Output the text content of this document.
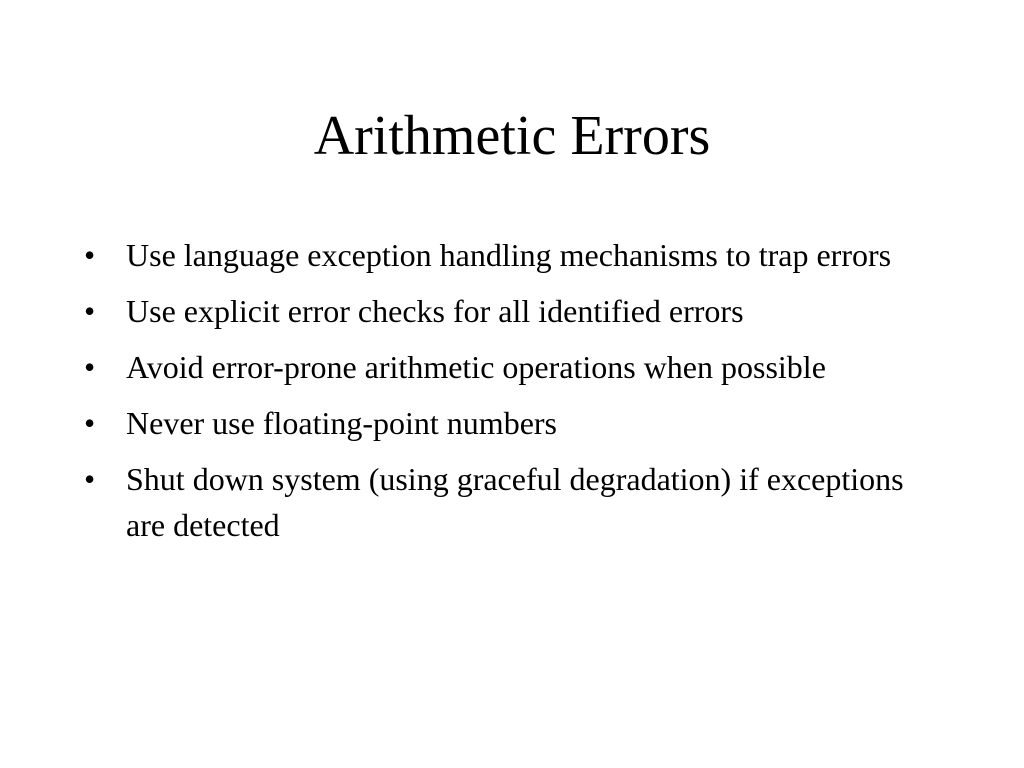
Arithmetic Errors
• Use language exception handling mechanisms to trap errors
• Use explicit error checks for all identified errors
• Avoid error-prone arithmetic operations when possible
• Never use floating-point numbers
• Shut down system (using graceful degradation) if exceptions are detected
